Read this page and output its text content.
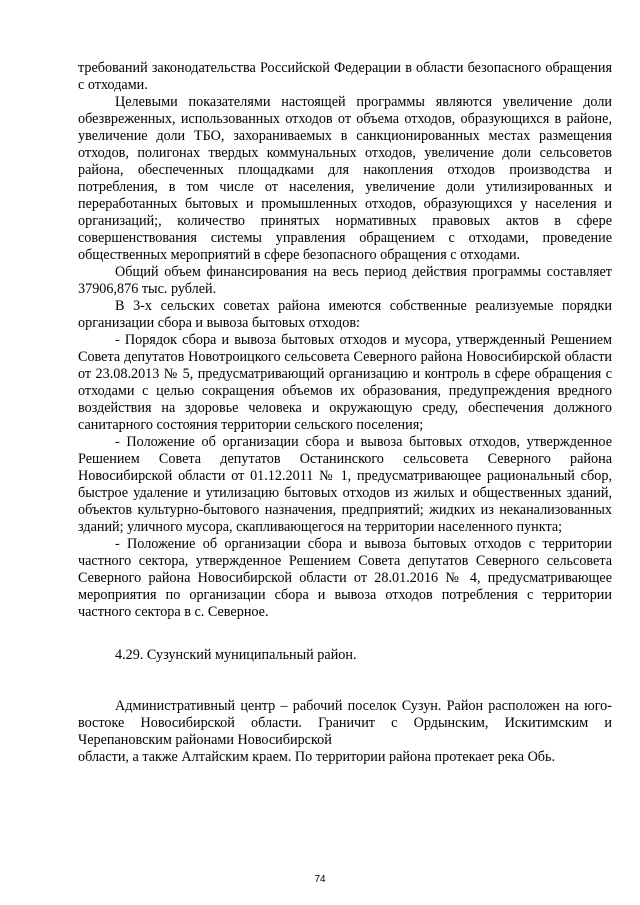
требований законодательства Российской Федерации в области безопасного обращения с отходами.

Целевыми показателями настоящей программы являются увеличение доли обезвреженных, использованных отходов от объема отходов, образующихся в районе, увеличение доли ТБО, захораниваемых в санкционированных местах размещения отходов, полигонах твердых коммунальных отходов, увеличение доли сельсоветов района, обеспеченных площадками для накопления отходов производства и потребления, в том числе от населения, увеличение доли утилизированных и переработанных бытовых и промышленных отходов, образующихся у населения и организаций;, количество принятых нормативных правовых актов в сфере совершенствования системы управления обращением с отходами, проведение общественных мероприятий в сфере безопасного обращения с отходами.

Общий объем финансирования на весь период действия программы составляет 37906,876 тыс. рублей.

В 3-х сельских советах района имеются собственные реализуемые порядки организации сбора и вывоза бытовых отходов:

- Порядок сбора и вывоза бытовых отходов и мусора, утвержденный Решением Совета депутатов Новотроицкого сельсовета Северного района Новосибирской области от 23.08.2013 № 5, предусматривающий организацию и контроль в сфере обращения с отходами с целью сокращения объемов их образования, предупреждения вредного воздействия на здоровье человека и окружающую среду, обеспечения должного санитарного состояния территории сельского поселения;

- Положение об организации сбора и вывоза бытовых отходов, утвержденное Решением Совета депутатов Останинского сельсовета Северного района Новосибирской области от 01.12.2011 № 1, предусматривающее рациональный сбор, быстрое удаление и утилизацию бытовых отходов из жилых и общественных зданий, объектов культурно-бытового назначения, предприятий; жидких из неканализованных зданий; уличного мусора, скапливающегося на территории населенного пункта;

- Положение об организации сбора и вывоза бытовых отходов с территории частного сектора, утвержденное Решением Совета депутатов Северного сельсовета Северного района Новосибирской области от 28.01.2016 № 4, предусматривающее мероприятия по организации сбора и вывоза отходов потребления с территории частного сектора в с. Северное.

4.29. Сузунский муниципальный район.

Административный центр – рабочий поселок Сузун. Район расположен на юго-востоке Новосибирской области. Граничит с Ордынским, Искитимским и Черепановским районами Новосибирской

области, а также Алтайским краем. По территории района протекает река Обь.

74
